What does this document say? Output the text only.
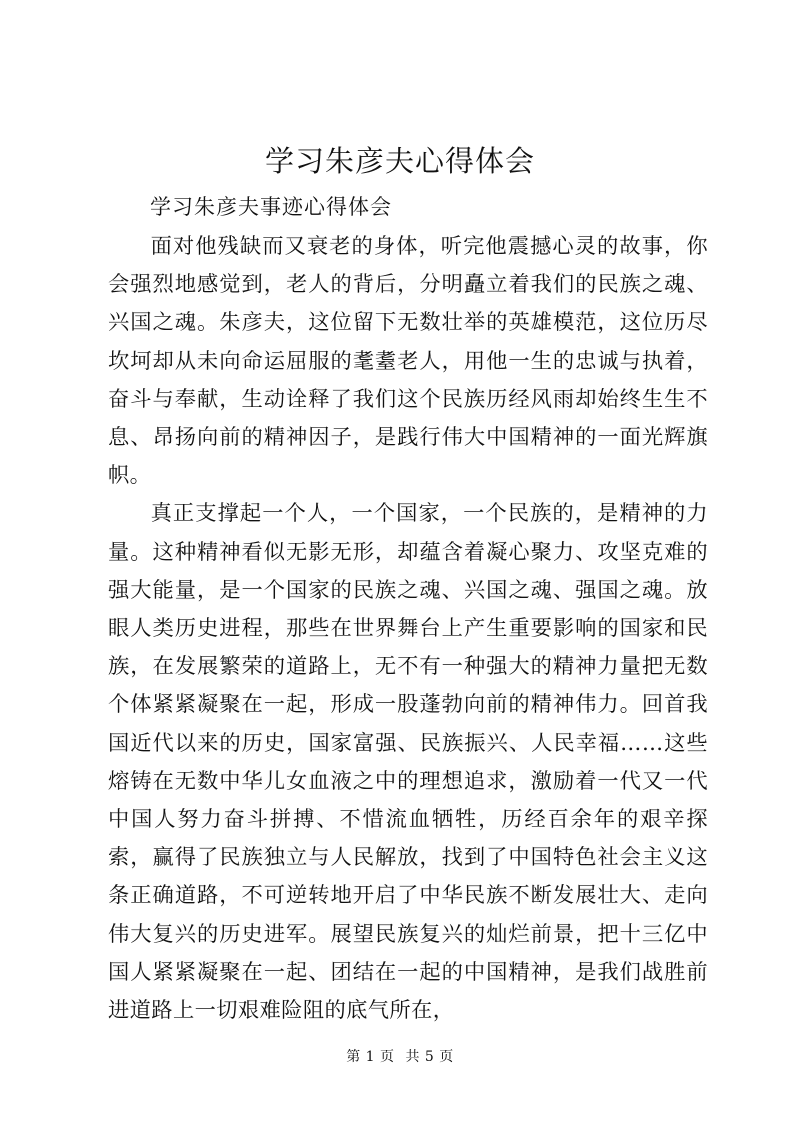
学习朱彦夫心得体会
学习朱彦夫事迹心得体会

面对他残缺而又衰老的身体，听完他震撼心灵的故事，你会强烈地感觉到，老人的背后，分明矗立着我们的民族之魂、兴国之魂。朱彦夫，这位留下无数壮举的英雄模范，这位历尽坎坷却从未向命运屈服的耄耋老人，用他一生的忠诚与执着，奋斗与奉献，生动诠释了我们这个民族历经风雨却始终生生不息、昂扬向前的精神因子，是践行伟大中国精神的一面光辉旗帜。

真正支撑起一个人，一个国家，一个民族的，是精神的力量。这种精神看似无影无形，却蕴含着凝心聚力、攻坚克难的强大能量，是一个国家的民族之魂、兴国之魂、强国之魂。放眼人类历史进程，那些在世界舞台上产生重要影响的国家和民族，在发展繁荣的道路上，无不有一种强大的精神力量把无数个体紧紧凝聚在一起，形成一股蓬勃向前的精神伟力。回首我国近代以来的历史，国家富强、民族振兴、人民幸福……这些熔铸在无数中华儿女血液之中的理想追求，激励着一代又一代中国人努力奋斗拼搏、不惜流血牺牲，历经百余年的艰辛探索，赢得了民族独立与人民解放，找到了中国特色社会主义这条正确道路，不可逆转地开启了中华民族不断发展壮大、走向伟大复兴的历史进军。展望民族复兴的灿烂前景，把十三亿中国人紧紧凝聚在一起、团结在一起的中国精神，是我们战胜前进道路上一切艰难险阻的底气所在，

第 1 页 共 5 页
